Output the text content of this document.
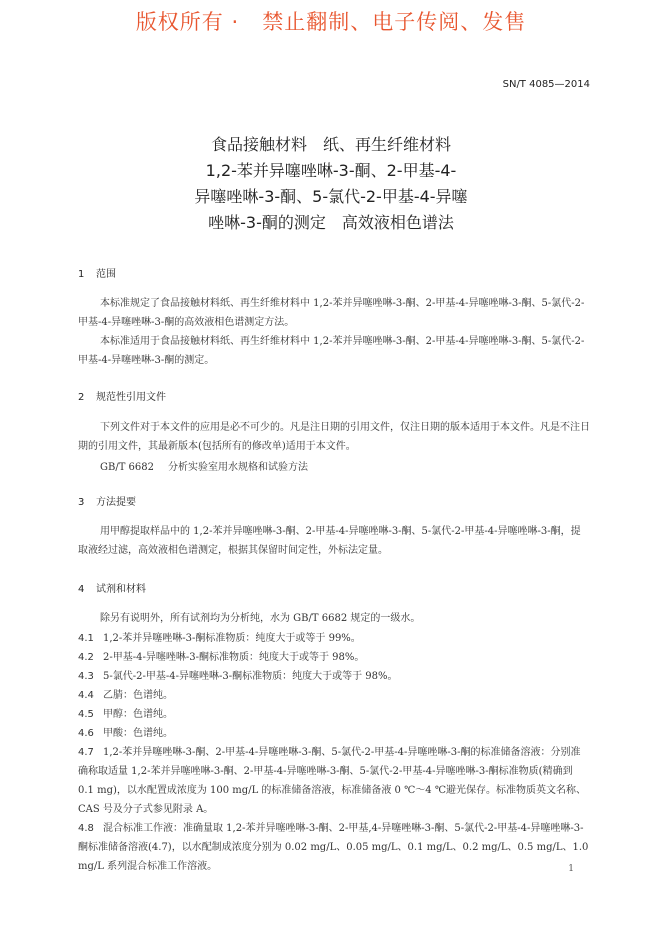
版权所有 ·   禁止翻制、电子传阅、发售
SN/T 4085—2014
食品接触材料　纸、再生纤维材料
1,2-苯并异噻唑啉-3-酮、2-甲基-4-
异噻唑啉-3-酮、5-氯代-2-甲基-4-异噻
唑啉-3-酮的测定　高效液相色谱法
1 范围
本标准规定了食品接触材料纸、再生纤维材料中 1,2-苯并异噻唑啉-3-酮、2-甲基-4-异噻唑啉-3-酮、5-氯代-2-甲基-4-异噻唑啉-3-酮的高效液相色谱测定方法。
本标准适用于食品接触材料纸、再生纤维材料中 1,2-苯并异噻唑啉-3-酮、2-甲基-4-异噻唑啉-3-酮、5-氯代-2-甲基-4-异噻唑啉-3-酮的测定。
2 规范性引用文件
下列文件对于本文件的应用是必不可少的。凡是注日期的引用文件，仅注日期的版本适用于本文件。凡是不注日期的引用文件，其最新版本(包括所有的修改单)适用于本文件。
GB/T 6682 分析实验室用水规格和试验方法
3 方法提要
用甲醇提取样品中的 1,2-苯并异噻唑啉-3-酮、2-甲基-4-异噻唑啉-3-酮、5-氯代-2-甲基-4-异噻唑啉-3-酮，提取液经过滤，高效液相色谱测定，根据其保留时间定性，外标法定量。
4 试剂和材料
除另有说明外，所有试剂均为分析纯，水为 GB/T 6682 规定的一级水。
4.1 1,2-苯并异噻唑啉-3-酮标准物质：纯度大于或等于 99%。
4.2 2-甲基-4-异噻唑啉-3-酮标准物质：纯度大于或等于 98%。
4.3 5-氯代-2-甲基-4-异噻唑啉-3-酮标准物质：纯度大于或等于 98%。
4.4 乙腈：色谱纯。
4.5 甲醇：色谱纯。
4.6 甲酸：色谱纯。
4.7 1,2-苯并异噻唑啉-3-酮、2-甲基-4-异噻唑啉-3-酮、5-氯代-2-甲基-4-异噻唑啉-3-酮的标准储备溶液：分别准确称取适量 1,2-苯并异噻唑啉-3-酮、2-甲基-4-异噻唑啉-3-酮、5-氯代-2-甲基-4-异噻唑啉-3-酮标准物质(精确到 0.1 mg)，以水配置成浓度为 100 mg/L 的标准储备溶液，标准储备液 0 ℃～4 ℃避光保存。标准物质英文名称、CAS 号及分子式参见附录 A。
4.8 混合标准工作液：准确量取 1,2-苯并异噻唑啉-3-酮、2-甲基,4-异噻唑啉-3-酮、5-氯代-2-甲基-4-异噻唑啉-3-酮标准储备溶液(4.7)，以水配制成浓度分别为 0.02 mg/L、0.05 mg/L、0.1 mg/L、0.2 mg/L、0.5 mg/L、1.0 mg/L 系列混合标准工作溶液。	1
